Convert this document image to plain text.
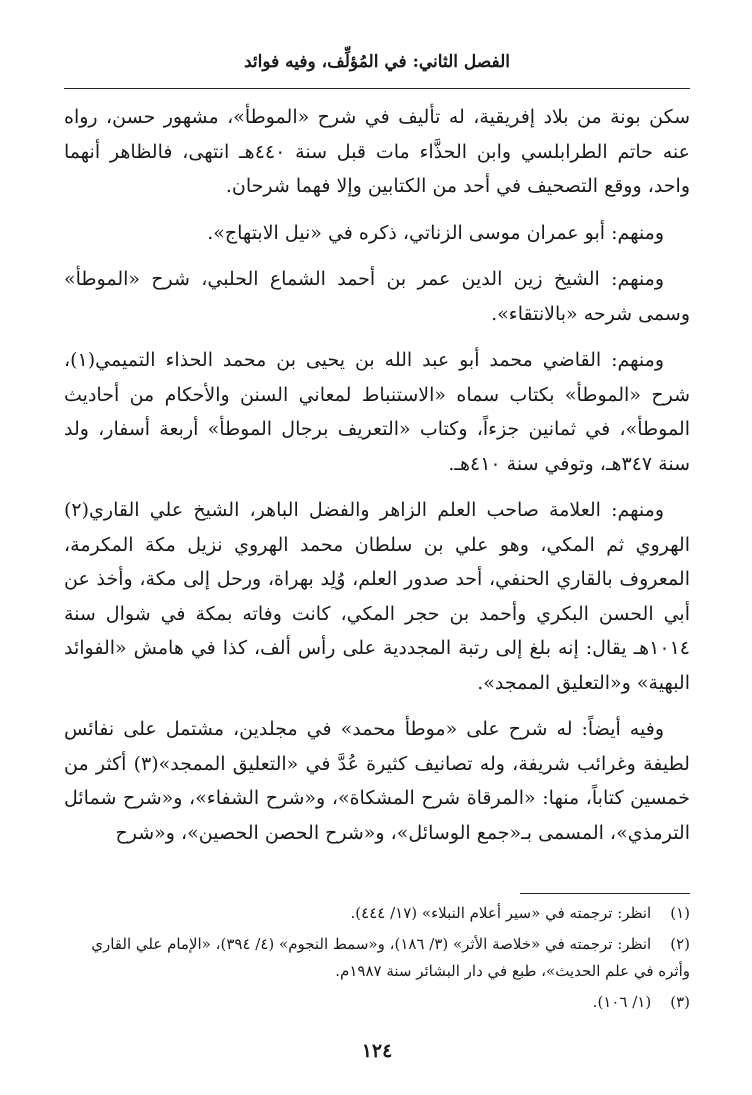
الفصل الثاني: في المُؤلِّف، وفيه فوائد

سكن بونة من بلاد إفريقية، له تأليف في شرح «الموطأ»، مشهور حسن، رواه عنه حاتم الطرابلسي وابن الحذَّاء مات قبل سنة ٤٤٠هـ انتهى، فالظاهر أنهما واحد، ووقع التصحيف في أحد من الكتابين وإلا فهما شرحان.

ومنهم: أبو عمران موسى الزناتي، ذكره في «نيل الابتهاج».

ومنهم: الشيخ زين الدين عمر بن أحمد الشماع الحلبي، شرح «الموطأ» وسمى شرحه «بالانتقاء».

ومنهم: القاضي محمد أبو عبد الله بن يحيى بن محمد الحذاء التميمي(١)، شرح «الموطأ» بكتاب سماه «الاستنباط لمعاني السنن والأحكام من أحاديث الموطأ»، في ثمانين جزءاً، وكتاب «التعريف برجال الموطأ» أربعة أسفار، ولد سنة ٣٤٧هـ، وتوفي سنة ٤١٠هـ.

ومنهم: العلامة صاحب العلم الزاهر والفضل الباهر، الشيخ علي القاري(٢) الهروي ثم المكي، وهو علي بن سلطان محمد الهروي نزيل مكة المكرمة، المعروف بالقاري الحنفي، أحد صدور العلم، وُلِد بهراة، ورحل إلى مكة، وأخذ عن أبي الحسن البكري وأحمد بن حجر المكي، كانت وفاته بمكة في شوال سنة ١٠١٤هـ يقال: إنه بلغ إلى رتبة المجددية على رأس ألف، كذا في هامش «الفوائد البهية» و«التعليق الممجد».

وفيه أيضاً: له شرح على «موطأ محمد» في مجلدين، مشتمل على نفائس لطيفة وغرائب شريفة، وله تصانيف كثيرة عُدَّ في «التعليق الممجد»(٣) أكثر من خمسين كتاباً، منها: «المرقاة شرح المشكاة»، و«شرح الشفاء»، و«شرح شمائل الترمذي»، المسمى بـ«جمع الوسائل»، و«شرح الحصن الحصين»، و«شرح

(١) انظر: ترجمته في «سير أعلام النبلاء» (١٧/ ٤٤٤).
(٢) انظر: ترجمته في «خلاصة الأثر» (٣/ ١٨٦)، و«سمط النجوم» (٤/ ٣٩٤)، «الإمام علي القاري وأثره في علم الحديث»، طبع في دار البشائر سنة ١٩٨٧م.
(٣) (١/ ١٠٦).
١٢٤
